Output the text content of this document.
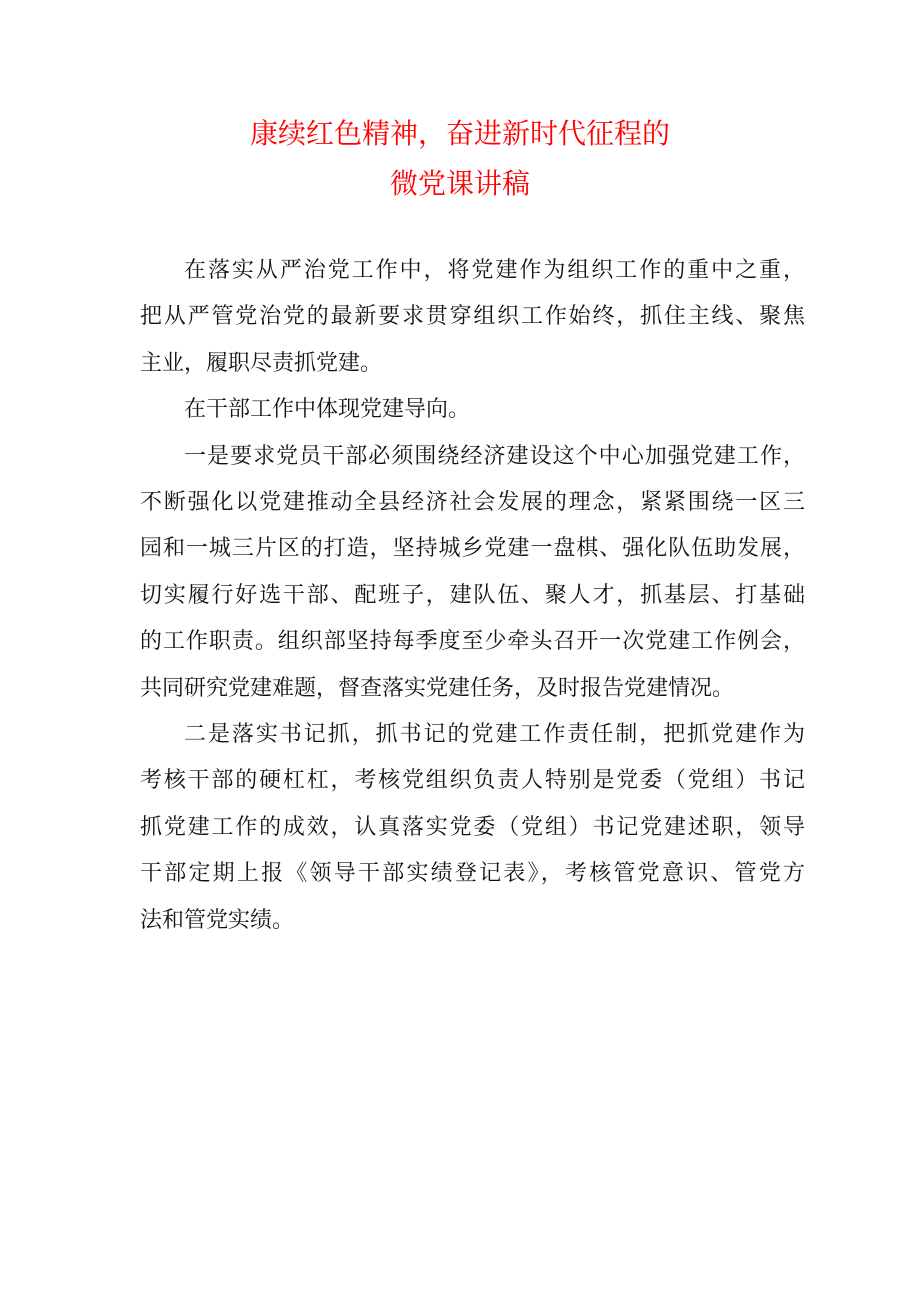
康续红色精神，奋进新时代征程的
微党课讲稿

在落实从严治党工作中，将党建作为组织工作的重中之重，
把从严管党治党的最新要求贯穿组织工作始终，抓住主线、聚焦
主业，履职尽责抓党建。

在干部工作中体现党建导向。

一是要求党员干部必须围绕经济建设这个中心加强党建工作，
不断强化以党建推动全县经济社会发展的理念，紧紧围绕一区三
园和一城三片区的打造，坚持城乡党建一盘棋、强化队伍助发展，
切实履行好选干部、配班子，建队伍、聚人才，抓基层、打基础
的工作职责。组织部坚持每季度至少牵头召开一次党建工作例会，
共同研究党建难题，督查落实党建任务，及时报告党建情况。

二是落实书记抓，抓书记的党建工作责任制，把抓党建作为
考核干部的硬杠杠，考核党组织负责人特别是党委（党组）书记
抓党建工作的成效，认真落实党委（党组）书记党建述职，领导
干部定期上报《领导干部实绩登记表》，考核管党意识、管党方
法和管党实绩。
